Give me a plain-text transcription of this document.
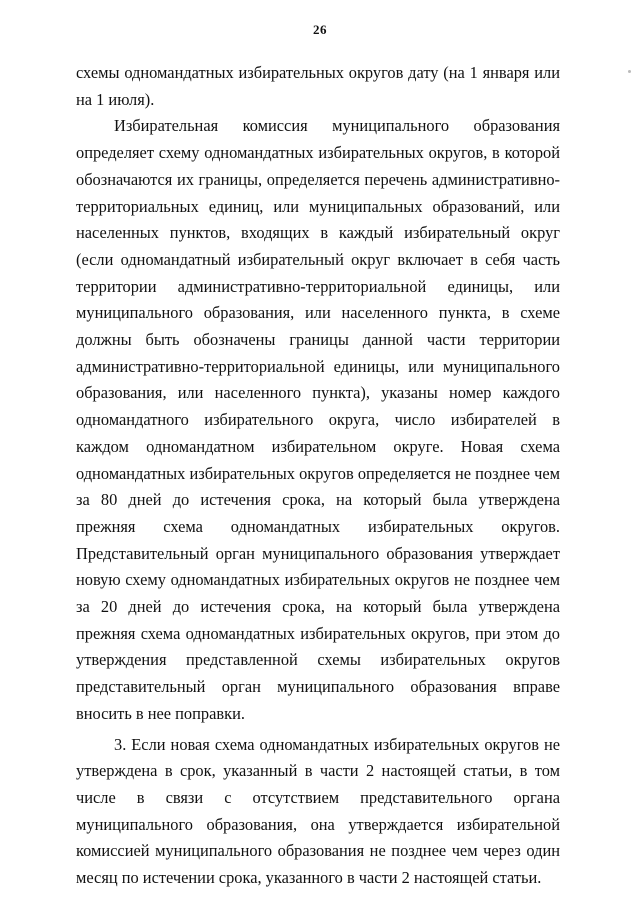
26

схемы одномандатных избирательных округов дату (на 1 января или на 1 июля).

Избирательная комиссия муниципального образования определяет схему одномандатных избирательных округов, в которой обозначаются их границы, определяется перечень административно-территориальных единиц, или муниципальных образований, или населенных пунктов, входящих в каждый избирательный округ (если одномандатный избирательный округ включает в себя часть территории административно-территориальной единицы, или муниципального образования, или населенного пункта, в схеме должны быть обозначены границы данной части территории административно-территориальной единицы, или муниципального образования, или населенного пункта), указаны номер каждого одномандатного избирательного округа, число избирателей в каждом одномандатном избирательном округе. Новая схема одномандатных избирательных округов определяется не позднее чем за 80 дней до истечения срока, на который была утверждена прежняя схема одномандатных избирательных округов. Представительный орган муниципального образования утверждает новую схему одномандатных избирательных округов не позднее чем за 20 дней до истечения срока, на который была утверждена прежняя схема одномандатных избирательных округов, при этом до утверждения представленной схемы избирательных округов представительный орган муниципального образования вправе вносить в нее поправки.

3. Если новая схема одномандатных избирательных округов не утверждена в срок, указанный в части 2 настоящей статьи, в том числе в связи с отсутствием представительного органа муниципального образования, она утверждается избирательной комиссией муниципального образования не позднее чем через один месяц по истечении срока, указанного в части 2 настоящей статьи.
